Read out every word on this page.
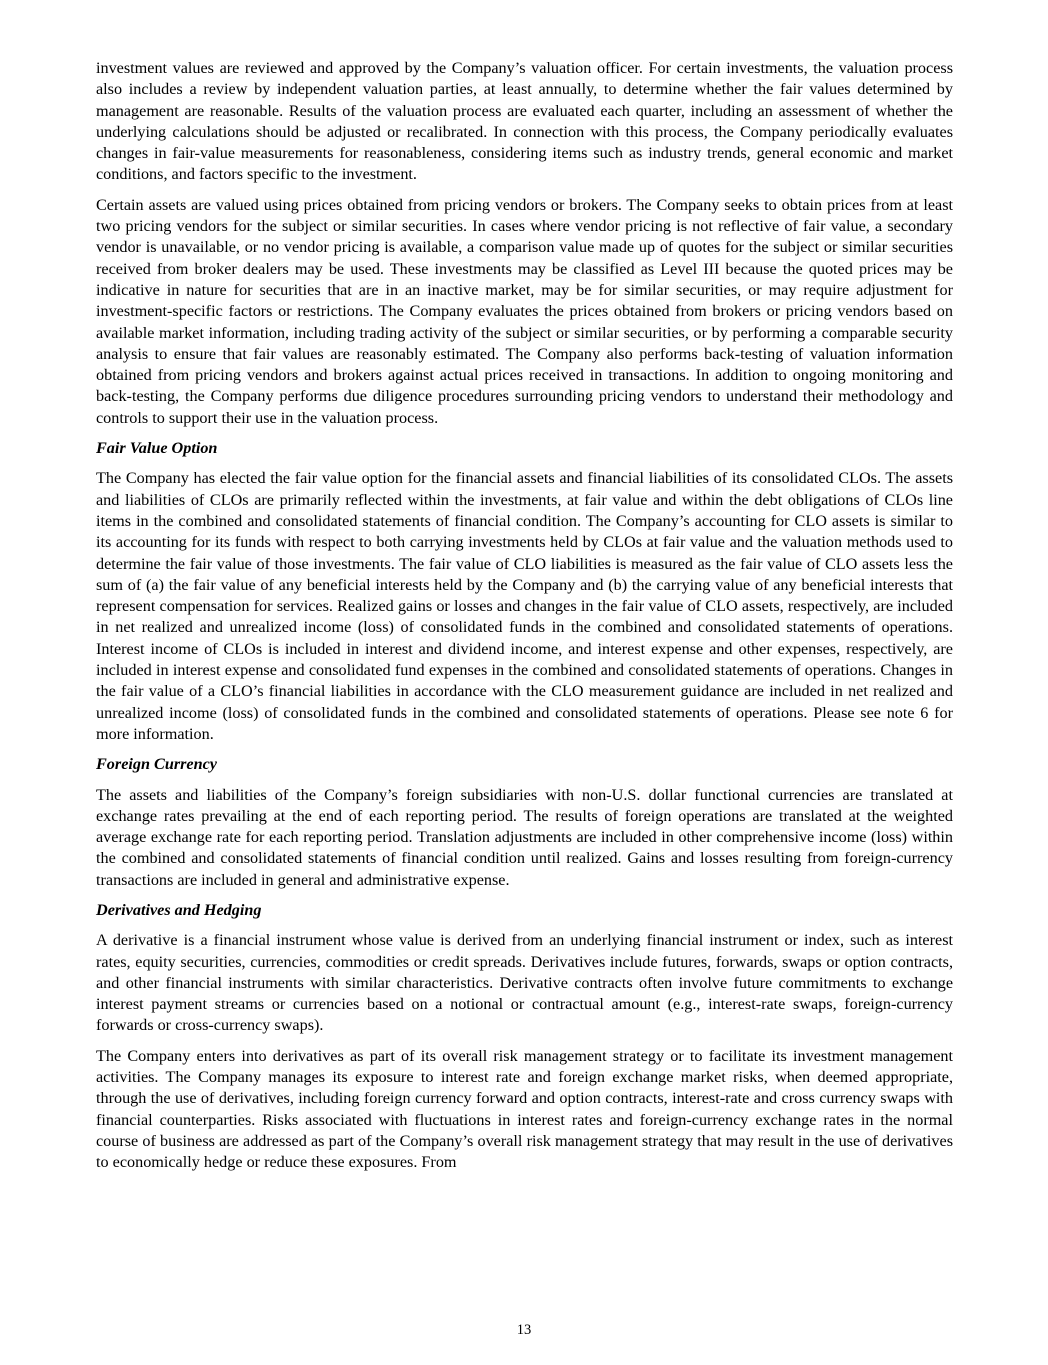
investment values are reviewed and approved by the Company’s valuation officer. For certain investments, the valuation process also includes a review by independent valuation parties, at least annually, to determine whether the fair values determined by management are reasonable. Results of the valuation process are evaluated each quarter, including an assessment of whether the underlying calculations should be adjusted or recalibrated. In connection with this process, the Company periodically evaluates changes in fair-value measurements for reasonableness, considering items such as industry trends, general economic and market conditions, and factors specific to the investment.

Certain assets are valued using prices obtained from pricing vendors or brokers. The Company seeks to obtain prices from at least two pricing vendors for the subject or similar securities. In cases where vendor pricing is not reflective of fair value, a secondary vendor is unavailable, or no vendor pricing is available, a comparison value made up of quotes for the subject or similar securities received from broker dealers may be used. These investments may be classified as Level III because the quoted prices may be indicative in nature for securities that are in an inactive market, may be for similar securities, or may require adjustment for investment-specific factors or restrictions. The Company evaluates the prices obtained from brokers or pricing vendors based on available market information, including trading activity of the subject or similar securities, or by performing a comparable security analysis to ensure that fair values are reasonably estimated. The Company also performs back-testing of valuation information obtained from pricing vendors and brokers against actual prices received in transactions. In addition to ongoing monitoring and back-testing, the Company performs due diligence procedures surrounding pricing vendors to understand their methodology and controls to support their use in the valuation process.

Fair Value Option

The Company has elected the fair value option for the financial assets and financial liabilities of its consolidated CLOs. The assets and liabilities of CLOs are primarily reflected within the investments, at fair value and within the debt obligations of CLOs line items in the combined and consolidated statements of financial condition. The Company’s accounting for CLO assets is similar to its accounting for its funds with respect to both carrying investments held by CLOs at fair value and the valuation methods used to determine the fair value of those investments. The fair value of CLO liabilities is measured as the fair value of CLO assets less the sum of (a) the fair value of any beneficial interests held by the Company and (b) the carrying value of any beneficial interests that represent compensation for services. Realized gains or losses and changes in the fair value of CLO assets, respectively, are included in net realized and unrealized income (loss) of consolidated funds in the combined and consolidated statements of operations. Interest income of CLOs is included in interest and dividend income, and interest expense and other expenses, respectively, are included in interest expense and consolidated fund expenses in the combined and consolidated statements of operations. Changes in the fair value of a CLO’s financial liabilities in accordance with the CLO measurement guidance are included in net realized and unrealized income (loss) of consolidated funds in the combined and consolidated statements of operations. Please see note 6 for more information.

Foreign Currency

The assets and liabilities of the Company’s foreign subsidiaries with non-U.S. dollar functional currencies are translated at exchange rates prevailing at the end of each reporting period. The results of foreign operations are translated at the weighted average exchange rate for each reporting period. Translation adjustments are included in other comprehensive income (loss) within the combined and consolidated statements of financial condition until realized. Gains and losses resulting from foreign-currency transactions are included in general and administrative expense.

Derivatives and Hedging

A derivative is a financial instrument whose value is derived from an underlying financial instrument or index, such as interest rates, equity securities, currencies, commodities or credit spreads. Derivatives include futures, forwards, swaps or option contracts, and other financial instruments with similar characteristics. Derivative contracts often involve future commitments to exchange interest payment streams or currencies based on a notional or contractual amount (e.g., interest-rate swaps, foreign-currency forwards or cross-currency swaps).

The Company enters into derivatives as part of its overall risk management strategy or to facilitate its investment management activities. The Company manages its exposure to interest rate and foreign exchange market risks, when deemed appropriate, through the use of derivatives, including foreign currency forward and option contracts, interest-rate and cross currency swaps with financial counterparties. Risks associated with fluctuations in interest rates and foreign-currency exchange rates in the normal course of business are addressed as part of the Company’s overall risk management strategy that may result in the use of derivatives to economically hedge or reduce these exposures. From

13
